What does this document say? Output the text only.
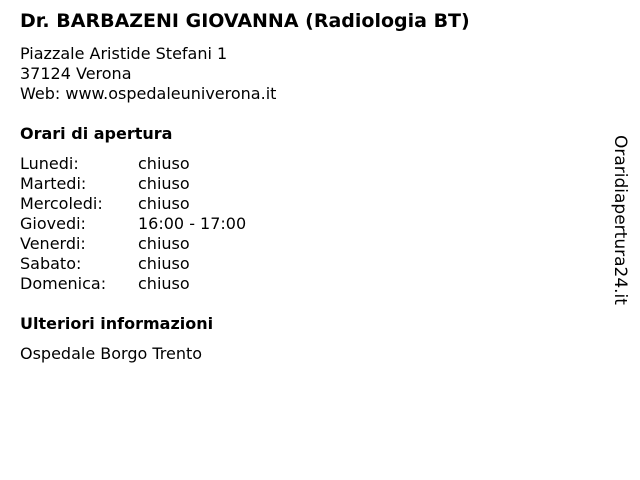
Dr. BARBAZENI GIOVANNA (Radiologia BT)
Piazzale Aristide Stefani 1
37124 Verona
Web: www.ospedaleuniverona.it
Orari di apertura
Lunedi:	chiuso
Martedi:	chiuso
Mercoledi:	chiuso
Giovedi:	16:00 - 17:00
Venerdi:	chiuso
Sabato:	chiuso
Domenica:	chiuso
Ulteriori informazioni
Ospedale Borgo Trento
Oraridiapertura24.it
